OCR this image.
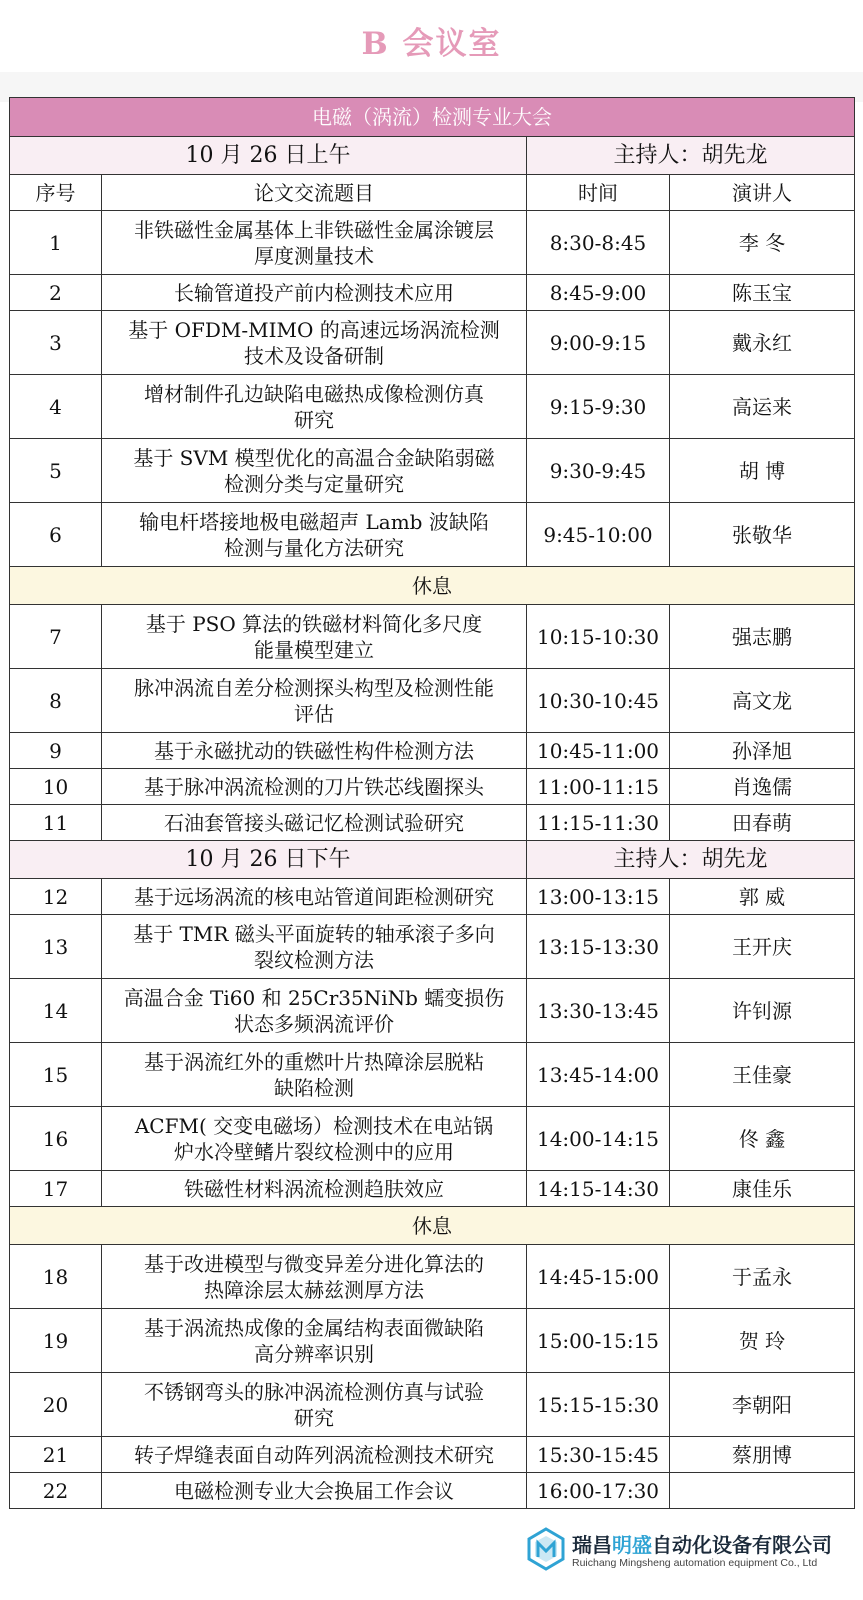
B 会议室
电磁（涡流）检测专业大会			
10 月 26 日上午		主持人：胡先龙	
序号	论文交流题目	时间	演讲人
1	非铁磁性金属基体上非铁磁性金属涂镀层
厚度测量技术	8:30-8:45	李 冬
2	长输管道投产前内检测技术应用	8:45-9:00	陈玉宝
3	基于 OFDM-MIMO 的高速远场涡流检测
技术及设备研制	9:00-9:15	戴永红
4	增材制件孔边缺陷电磁热成像检测仿真
研究	9:15-9:30	高运来
5	基于 SVM 模型优化的高温合金缺陷弱磁
检测分类与定量研究	9:30-9:45	胡 博
6	输电杆塔接地极电磁超声 Lamb 波缺陷
检测与量化方法研究	9:45-10:00	张敬华
休息			
7	基于 PSO 算法的铁磁材料简化多尺度
能量模型建立	10:15-10:30	强志鹏
8	脉冲涡流自差分检测探头构型及检测性能
评估	10:30-10:45	高文龙
9	基于永磁扰动的铁磁性构件检测方法	10:45-11:00	孙泽旭
10	基于脉冲涡流检测的刀片铁芯线圈探头	11:00-11:15	肖逸儒
11	石油套管接头磁记忆检测试验研究	11:15-11:30	田春萌
10 月 26 日下午		主持人：胡先龙	
12	基于远场涡流的核电站管道间距检测研究	13:00-13:15	郭 威
13	基于 TMR 磁头平面旋转的轴承滚子多向
裂纹检测方法	13:15-13:30	王开庆
14	高温合金 Ti60 和 25Cr35NiNb 蠕变损伤
状态多频涡流评价	13:30-13:45	许钊源
15	基于涡流红外的重燃叶片热障涂层脱粘
缺陷检测	13:45-14:00	王佳豪
16	ACFM( 交变电磁场）检测技术在电站锅
炉水冷壁鳍片裂纹检测中的应用	14:00-14:15	佟 鑫
17	铁磁性材料涡流检测趋肤效应	14:15-14:30	康佳乐
休息			
18	基于改进模型与微变异差分进化算法的
热障涂层太赫兹测厚方法	14:45-15:00	于孟永
19	基于涡流热成像的金属结构表面微缺陷
高分辨率识别	15:00-15:15	贺 玲
20	不锈钢弯头的脉冲涡流检测仿真与试验
研究	15:15-15:30	李朝阳
21	转子焊缝表面自动阵列涡流检测技术研究	15:30-15:45	蔡朋博
22	电磁检测专业大会换届工作会议	16:00-17:30	
瑞昌明盛自动化设备有限公司
Ruichang Mingsheng automation equipment Co., Ltd
